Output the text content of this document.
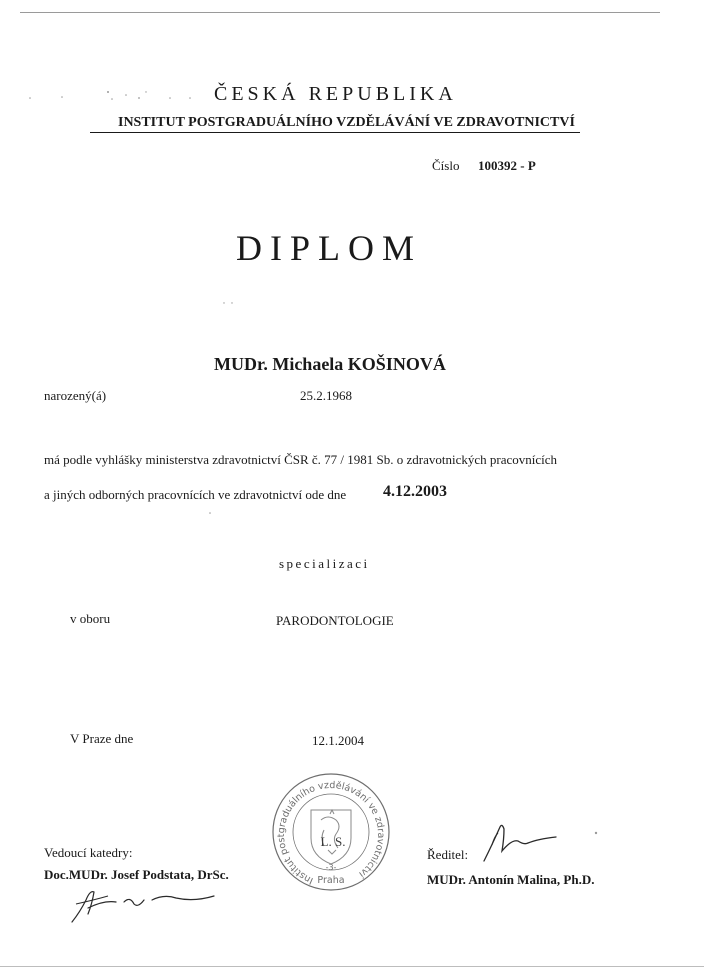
ČESKÁ REPUBLIKA
INSTITUT POSTGRADUÁLNÍHO VZDĚLÁVÁNÍ VE ZDRAVOTNICTVÍ
Číslo 100392 - P
DIPLOM
MUDr. Michaela KOŠINOVÁ
narozený(á)	25.2.1968
má podle vyhlášky ministerstva zdravotnictví ČSR č. 77 / 1981 Sb. o zdravotnických pracovnících
a jiných odborných pracovnících ve zdravotnictví ode dne 4.12.2003
specializaci
v oboru	PARODONTOLOGIE
V Praze dne	12.1.2004
Institut postgraduálního vzdělávání ve zdravotnictví
L. S.
-3-
Praha
Vedoucí katedry:
Doc.MUDr. Josef Podstata, DrSc.
Ředitel:
MUDr. Antonín Malina, Ph.D.
